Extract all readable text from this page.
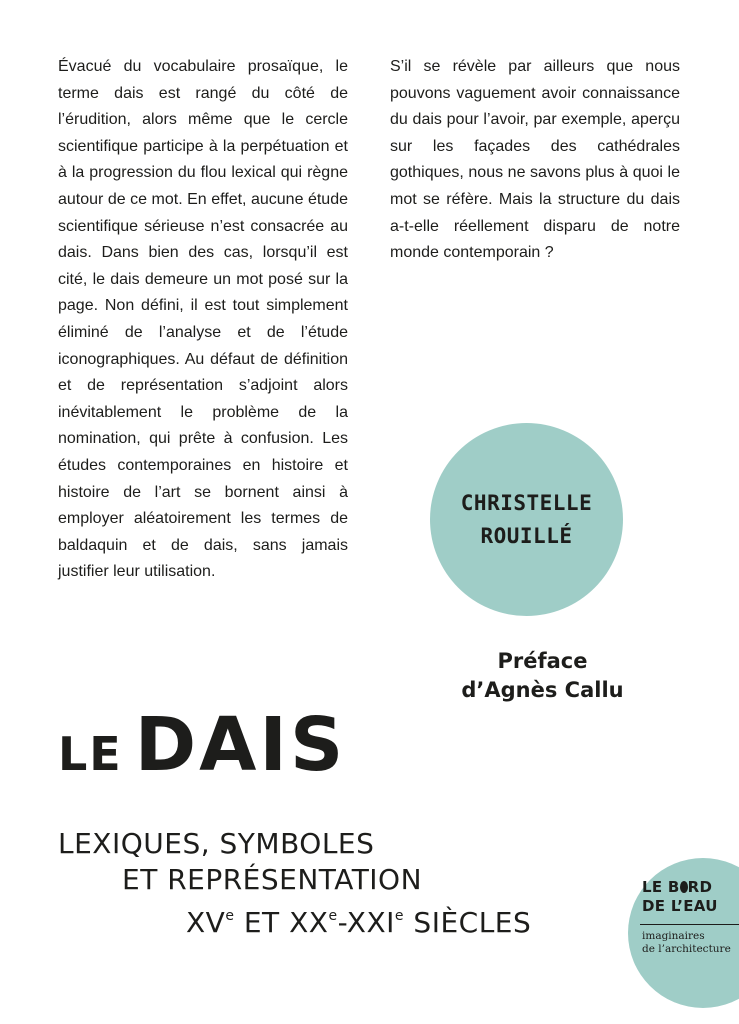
Évacué du vocabulaire prosaïque, le terme dais est rangé du côté de l’érudition, alors même que le cercle scientifique participe à la perpétuation et à la progression du flou lexical qui règne autour de ce mot. En effet, aucune étude scientifique sérieuse n’est consacrée au dais. Dans bien des cas, lorsqu’il est cité, le dais demeure un mot posé sur la page. Non défini, il est tout simplement éliminé de l’analyse et de l’étude iconographiques. Au défaut de définition et de représentation s’adjoint alors inévitablement le problème de la nomination, qui prête à confusion. Les études contemporaines en histoire et histoire de l’art se bornent ainsi à employer aléatoirement les termes de baldaquin et de dais, sans jamais justifier leur utilisation.

S’il se révèle par ailleurs que nous pouvons vaguement avoir connaissance du dais pour l’avoir, par exemple, aperçu sur les façades des cathédrales gothiques, nous ne savons plus à quoi le mot se réfère. Mais la structure du dais a-t-elle réellement disparu de notre monde contemporain ?

CHRISTELLE
ROUILLÉ
Préface
d’Agnès Callu
LE DAIS
LEXIQUES, SYMBOLES
ET REPRÉSENTATION
XVe ET XXe-XXIe SIÈCLES
LE B RD
DE L’EAU
imaginaires
de l’architecture
